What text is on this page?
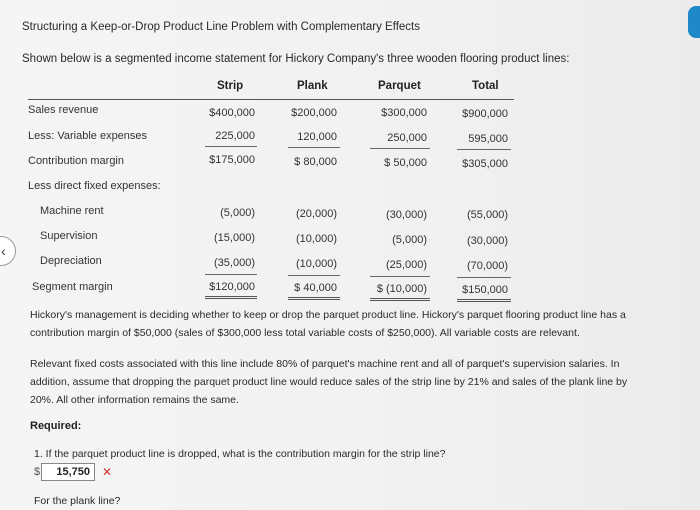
Structuring a Keep-or-Drop Product Line Problem with Complementary Effects
Shown below is a segmented income statement for Hickory Company's three wooden flooring product lines:
Strip	Plank	Parquet	Total
Sales revenue	$400,000	$200,000	$300,000	$900,000
Less: Variable expenses	225,000	120,000	250,000	595,000
Contribution margin	$175,000	$ 80,000	$ 50,000	$305,000
Less direct fixed expenses:
Machine rent	(5,000)	(20,000)	(30,000)	(55,000)
Supervision	(15,000)	(10,000)	(5,000)	(30,000)
Depreciation	(35,000)	(10,000)	(25,000)	(70,000)
Segment margin	$120,000	$ 40,000	$ (10,000)	$150,000
Hickory's management is deciding whether to keep or drop the parquet product line. Hickory's parquet flooring product line has a
contribution margin of $50,000 (sales of $300,000 less total variable costs of $250,000). All variable costs are relevant.
Relevant fixed costs associated with this line include 80% of parquet's machine rent and all of parquet's supervision salaries. In
addition, assume that dropping the parquet product line would reduce sales of the strip line by 21% and sales of the plank line by
20%. All other information remains the same.
Required:
1. If the parquet product line is dropped, what is the contribution margin for the strip line?
$	15,750	✕
For the plank line?
‹
